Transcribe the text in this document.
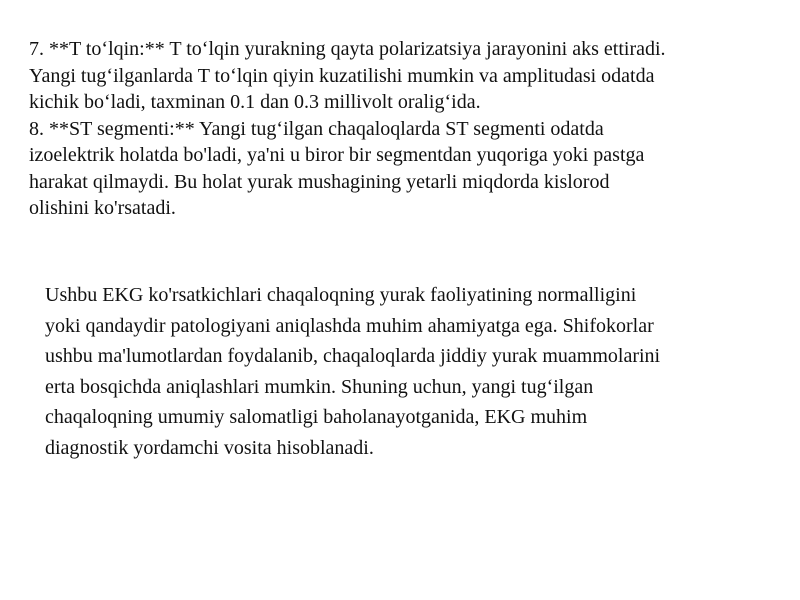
7. **T to‘lqin:** T to‘lqin yurakning qayta polarizatsiya jarayonini aks ettiradi.
Yangi tug‘ilganlarda T to‘lqin qiyin kuzatilishi mumkin va amplitudasi odatda
kichik bo‘ladi, taxminan 0.1 dan 0.3 millivolt oralig‘ida.

8. **ST segmenti:** Yangi tug‘ilgan chaqaloqlarda ST segmenti odatda
izoelektrik holatda bo'ladi, ya'ni u biror bir segmentdan yuqoriga yoki pastga
harakat qilmaydi. Bu holat yurak mushagining yetarli miqdorda kislorod
olishini ko'rsatadi.

Ushbu EKG ko'rsatkichlari chaqaloqning yurak faoliyatining normalligini
yoki qandaydir patologiyani aniqlashda muhim ahamiyatga ega. Shifokorlar
ushbu ma'lumotlardan foydalanib, chaqaloqlarda jiddiy yurak muammolarini
erta bosqichda aniqlashlari mumkin. Shuning uchun, yangi tug‘ilgan
chaqaloqning umumiy salomatligi baholanayotganida, EKG muhim
diagnostik yordamchi vosita hisoblanadi.
